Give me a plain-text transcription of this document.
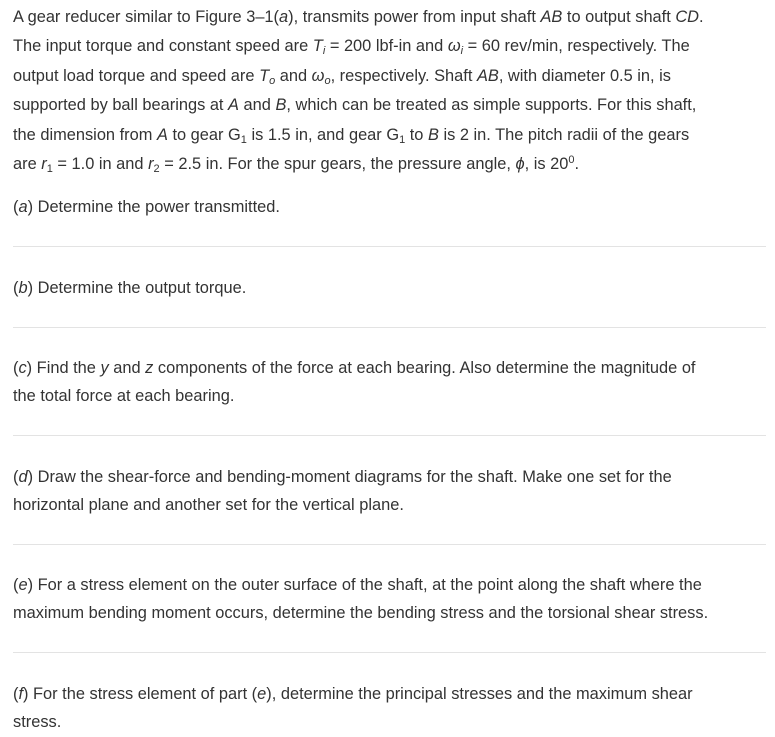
A gear reducer similar to Figure 3–1(a), transmits power from input shaft AB to output shaft CD.
The input torque and constant speed are $T_i = 200$ lbf-in and $\omega_i = 60$ rev/min, respectively. The
output load torque and speed are $T_o$ and $\omega_o$, respectively. Shaft AB, with diameter 0.5 in, is
supported by ball bearings at A and B, which can be treated as simple supports. For this shaft,
the dimension from A to gear $G_1$ is 1.5 in, and gear $G_1$ to B is 2 in. The pitch radii of the gears
are $r_1 = 1.0$ in and $r_2 = 2.5$ in. For the spur gears, the pressure angle, ϕ, is $20^0$.
(a) Determine the power transmitted.
(b) Determine the output torque.
(c) Find the y and z components of the force at each bearing. Also determine the magnitude of
the total force at each bearing.
(d) Draw the shear-force and bending-moment diagrams for the shaft. Make one set for the
horizontal plane and another set for the vertical plane.
(e) For a stress element on the outer surface of the shaft, at the point along the shaft where the
maximum bending moment occurs, determine the bending stress and the torsional shear stress.
(f) For the stress element of part (e), determine the principal stresses and the maximum shear
stress.
